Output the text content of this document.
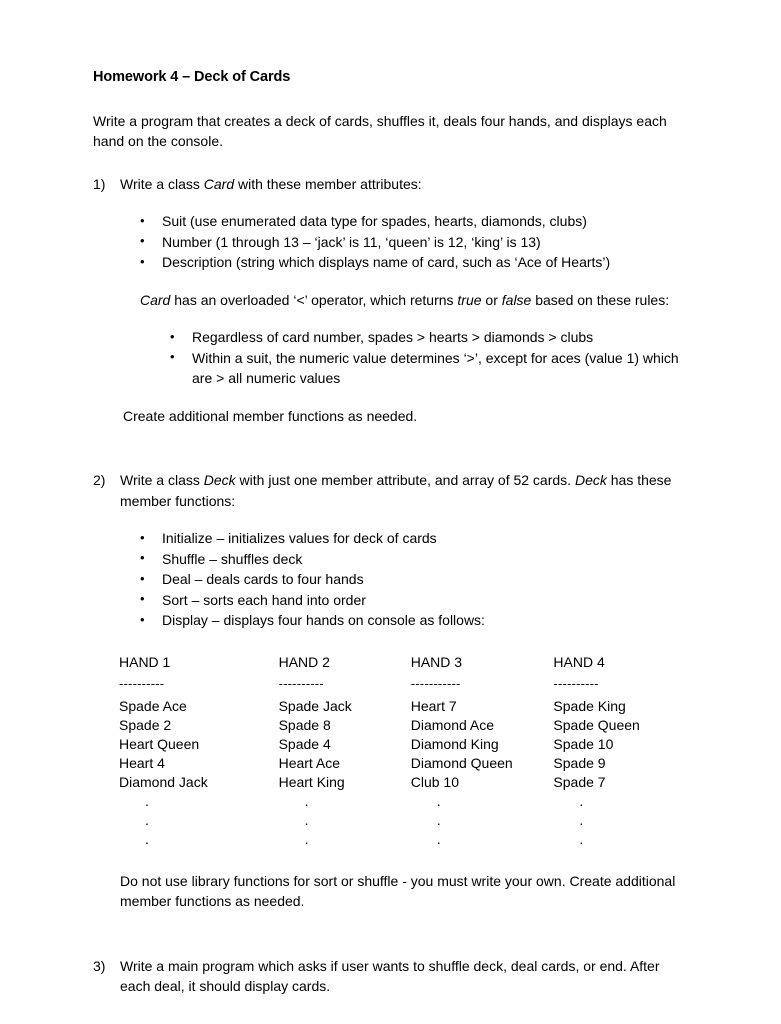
Homework 4 – Deck of Cards

Write a program that creates a deck of cards, shuffles it, deals four hands, and displays each hand on the console.

1) Write a class Card with these member attributes:
• Suit (use enumerated data type for spades, hearts, diamonds, clubs)
• Number (1 through 13 – ‘jack’ is 11, ‘queen’ is 12, ‘king’ is 13)
• Description (string which displays name of card, such as ‘Ace of Hearts’)
Card has an overloaded ‘<’ operator, which returns true or false based on these rules:
• Regardless of card number, spades > hearts > diamonds > clubs
• Within a suit, the numeric value determines ‘>’, except for aces (value 1) which are > all numeric values
Create additional member functions as needed.
2) Write a class Deck with just one member attribute, and array of 52 cards. Deck has these member functions:
• Initialize – initializes values for deck of cards
• Shuffle – shuffles deck
• Deal – deals cards to four hands
• Sort – sorts each hand into order
• Display – displays four hands on console as follows:
HAND 1	HAND 2	HAND 3	HAND 4
----------	----------	-----------	----------
Spade Ace	Spade Jack	Heart 7	Spade King
Spade 2	Spade 8	Diamond Ace	Spade Queen
Heart Queen	Spade 4	Diamond King	Spade 10
Heart 4	Heart Ace	Diamond Queen	Spade 9
Diamond Jack	Heart King	Club 10	Spade 7
.	.	.	.
.	.	.	.
.	.	.	.
Do not use library functions for sort or shuffle - you must write your own. Create additional member functions as needed.
3) Write a main program which asks if user wants to shuffle deck, deal cards, or end. After each deal, it should display cards.
